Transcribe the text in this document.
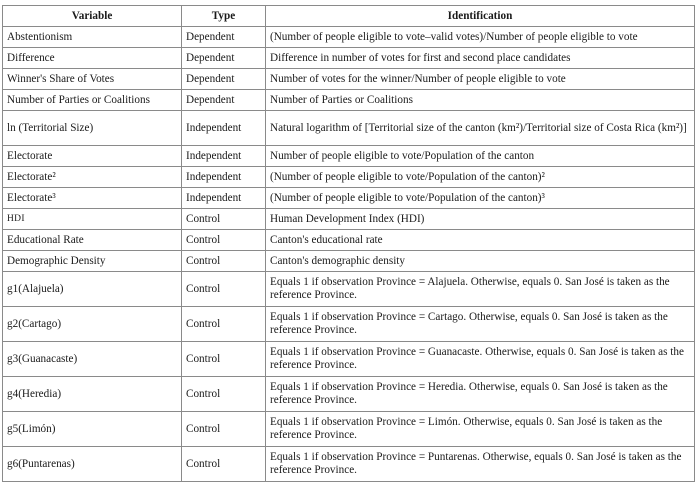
Variable	Type	Identification
Abstentionism	Dependent	(Number of people eligible to vote–valid votes)/Number of people eligible to vote
Difference	Dependent	Difference in number of votes for first and second place candidates
Winner's Share of Votes	Dependent	Number of votes for the winner/Number of people eligible to vote
Number of Parties or Coalitions	Dependent	Number of Parties or Coalitions
ln (Territorial Size)	Independent	Natural logarithm of [Territorial size of the canton (km²)/Territorial size of Costa Rica (km²)]
Electorate	Independent	Number of people eligible to vote/Population of the canton
Electorate²	Independent	(Number of people eligible to vote/Population of the canton)²
Electorate³	Independent	(Number of people eligible to vote/Population of the canton)³
HDI	Control	Human Development Index (HDI)
Educational Rate	Control	Canton's educational rate
Demographic Density	Control	Canton's demographic density
g1(Alajuela)	Control	Equals 1 if observation Province = Alajuela. Otherwise, equals 0. San José is taken as the reference Province.
g2(Cartago)	Control	Equals 1 if observation Province = Cartago. Otherwise, equals 0. San José is taken as the reference Province.
g3(Guanacaste)	Control	Equals 1 if observation Province = Guanacaste. Otherwise, equals 0. San José is taken as the reference Province.
g4(Heredia)	Control	Equals 1 if observation Province = Heredia. Otherwise, equals 0. San José is taken as the reference Province.
g5(Limón)	Control	Equals 1 if observation Province = Limón. Otherwise, equals 0. San José is taken as the reference Province.
g6(Puntarenas)	Control	Equals 1 if observation Province = Puntarenas. Otherwise, equals 0. San José is taken as the reference Province.
